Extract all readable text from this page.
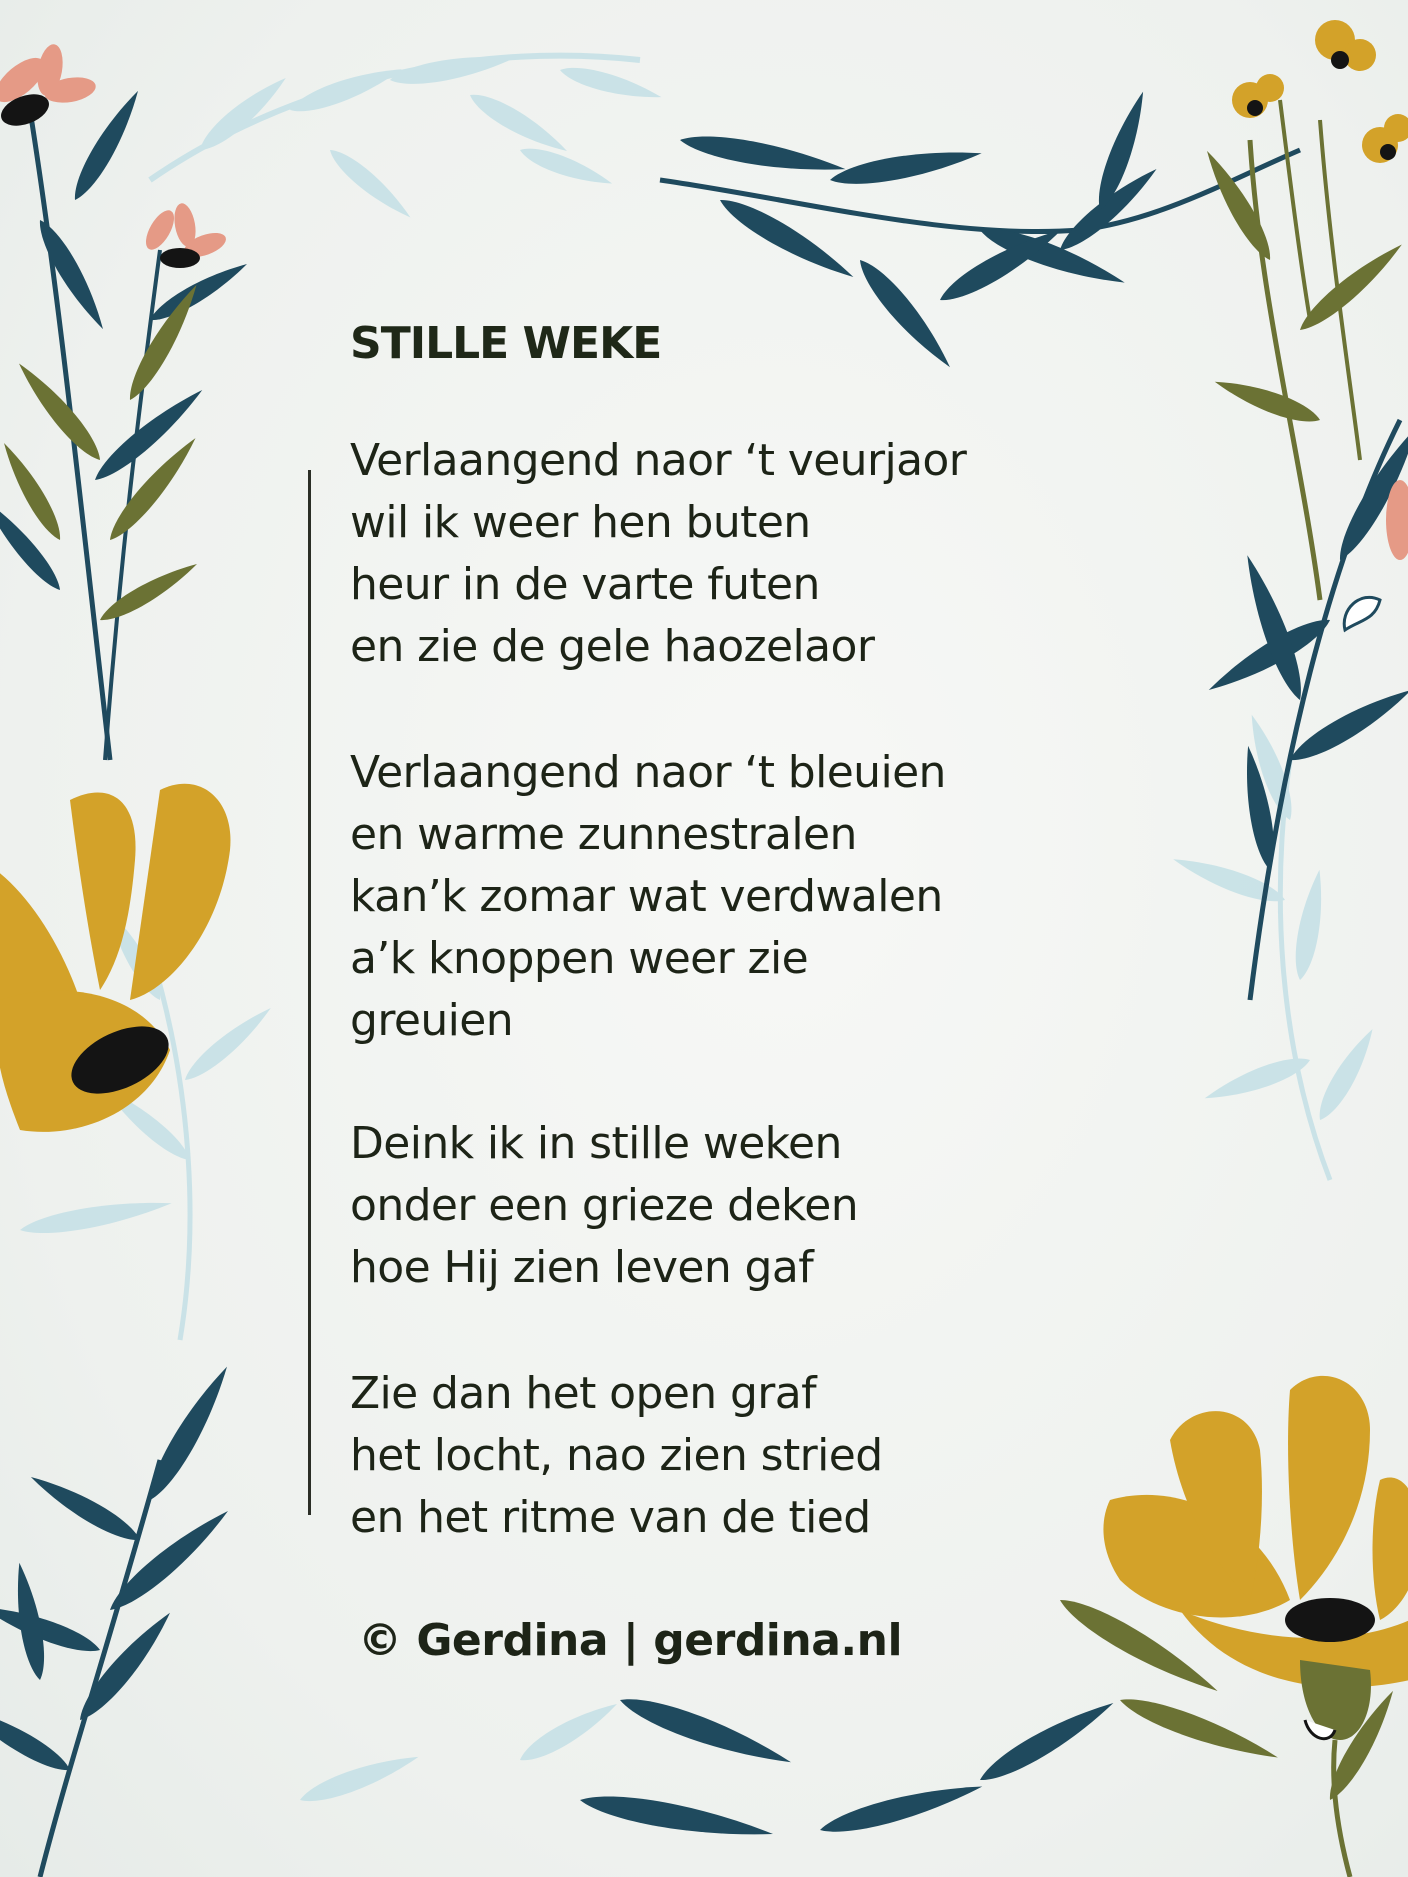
STILLE WEKE
Verlaangend naor ‘t veurjaor
wil ik weer hen buten
heur in de varte futen
en zie de gele haozelaor
Verlaangend naor ‘t bleuien
en warme zunnestralen
kan’k zomar wat verdwalen
a’k knoppen weer zie
greuien
Deink ik in stille weken
onder een grieze deken
hoe Hij zien leven gaf
Zie dan het open graf
het locht, nao zien stried
en het ritme van de tied
© Gerdina | gerdina.nl
